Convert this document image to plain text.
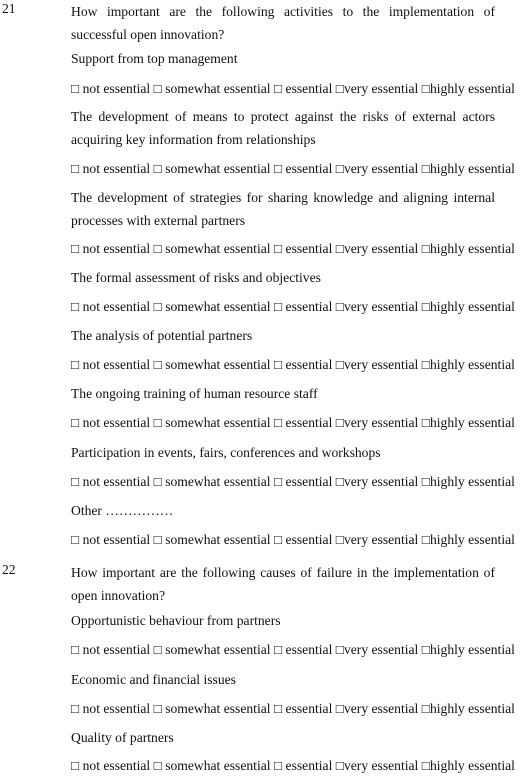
21	How important are the following activities to the implementation of successful open innovation?
Support from top management
□ not essential □ somewhat essential □ essential □very essential □highly essential
The development of means to protect against the risks of external actors acquiring key information from relationships
□ not essential □ somewhat essential □ essential □very essential □highly essential
The development of strategies for sharing knowledge and aligning internal processes with external partners
□ not essential □ somewhat essential □ essential □very essential □highly essential
The formal assessment of risks and objectives
□ not essential □ somewhat essential □ essential □very essential □highly essential
The analysis of potential partners
□ not essential □ somewhat essential □ essential □very essential □highly essential
The ongoing training of human resource staff
□ not essential □ somewhat essential □ essential □very essential □highly essential
Participation in events, fairs, conferences and workshops
□ not essential □ somewhat essential □ essential □very essential □highly essential
Other ……………
□ not essential □ somewhat essential □ essential □very essential □highly essential
22	How important are the following causes of failure in the implementation of open innovation?
Opportunistic behaviour from partners
□ not essential □ somewhat essential □ essential □very essential □highly essential
Economic and financial issues
□ not essential □ somewhat essential □ essential □very essential □highly essential
Quality of partners
□ not essential □ somewhat essential □ essential □very essential □highly essential
